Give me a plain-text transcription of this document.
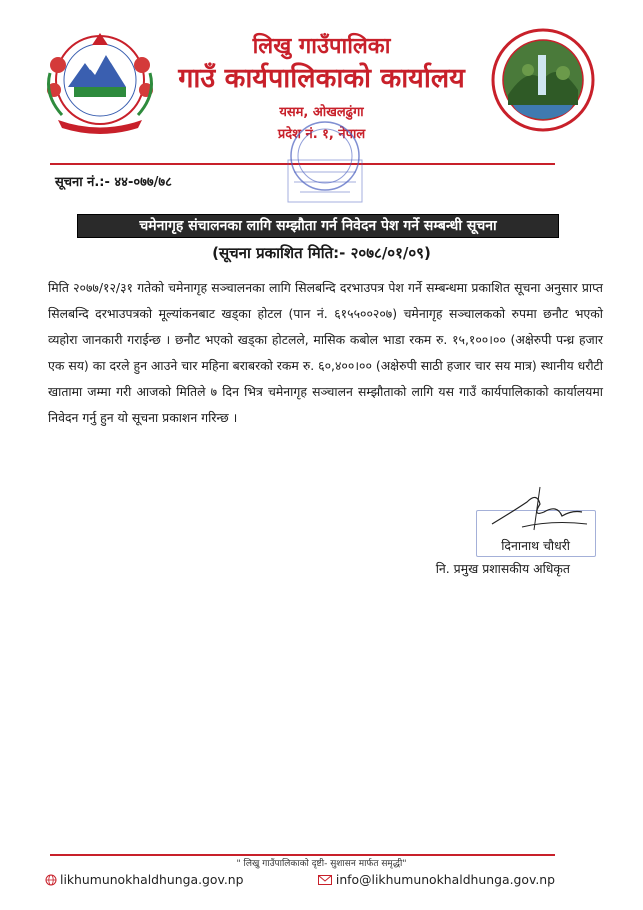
लिखु गाउँपालिका
गाउँ कार्यपालिकाको कार्यालय
यसम, ओखलढुंगा
प्रदेश नं. १, नेपाल
सूचना नं.:- ४४-०७७/७८
चमेनागृह संचालनका लागि सम्झौता गर्न निवेदन पेश गर्ने सम्बन्धी सूचना
(सूचना प्रकाशित मिति:- २०७८/०१/०९)
मिति २०७७/१२/३१ गतेको चमेनागृह सञ्चालनका लागि सिलबन्दि दरभाउपत्र पेश गर्ने सम्बन्धमा प्रकाशित सूचना अनुसार प्राप्त सिलबन्दि दरभाउपत्रको मूल्यांकनबाट खड्का होटल (पान नं. ६१५५००२०७) चमेनागृह सञ्चालकको रुपमा छनौट भएको व्यहोरा जानकारी गराईन्छ । छनौट भएको खड्का होटलले, मासिक कबोल भाडा रकम रु. १५,१००।०० (अक्षेरुपी पन्ध्र हजार एक सय) का दरले हुन आउने चार महिना बराबरको रकम रु. ६०,४००।०० (अक्षेरुपी साठी हजार चार सय मात्र) स्थानीय धरौटी खातामा जम्मा गरी आजको मितिले ७ दिन भित्र चमेनागृह सञ्चालन सम्झौताको लागि यस गाउँ कार्यपालिकाको कार्यालयमा निवेदन गर्नु हुन यो सूचना प्रकाशन गरिन्छ ।
दिनानाथ चौधरी
नि. प्रमुख प्रशासकीय अधिकृत
" लिखु गाउँपालिकाको दृष्टी- सुशासन मार्फत समृद्धी"
likhumunokhaldhunga.gov.np	info@likhumunokhaldhunga.gov.np
